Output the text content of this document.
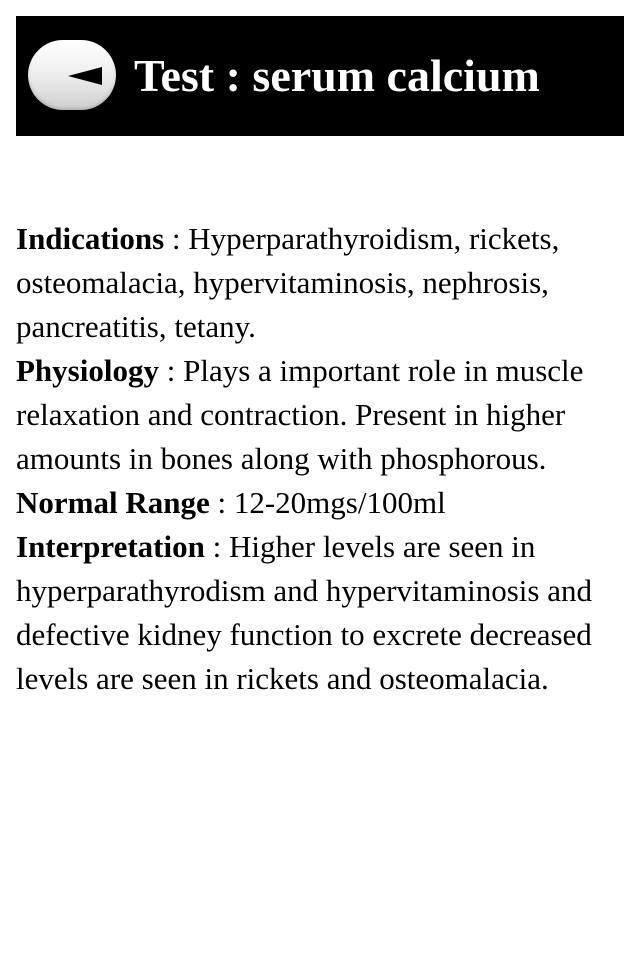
Test : serum calcium

Indications : Hyperparathyroidism, rickets, osteomalacia, hypervitaminosis, nephrosis, pancreatitis, tetany.

Physiology : Plays a important role in muscle relaxation and contraction. Present in higher amounts in bones along with phosphorous.

Normal Range : 12-20mgs/100ml

Interpretation : Higher levels are seen in hyperparathyrodism and hypervitaminosis and defective kidney function to excrete decreased levels are seen in rickets and osteomalacia.
